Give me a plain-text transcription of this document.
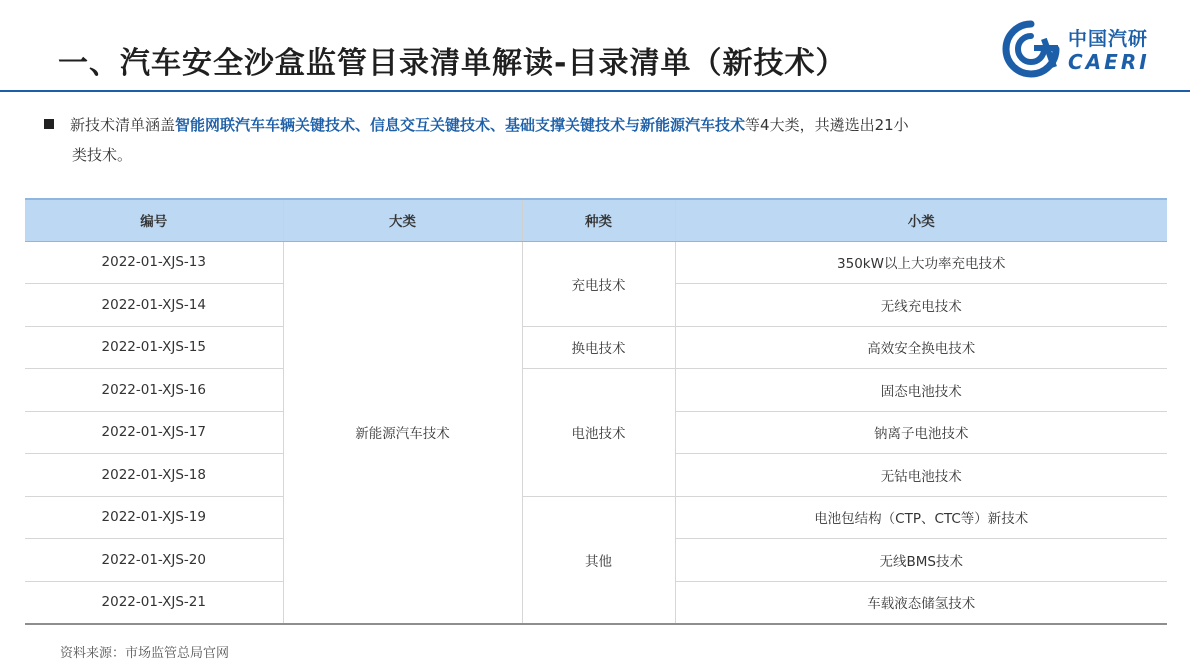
一、汽车安全沙盒监管目录清单解读-目录清单（新技术）
中国汽研
CAERI
新技术清单涵盖智能网联汽车车辆关键技术、信息交互关键技术、基础支撑关键技术与新能源汽车技术等4大类，共遴选出21小
类技术。
编号	大类	种类	小类
2022-01-XJS-13	新能源汽车技术	充电技术	350kW以上大功率充电技术
2022-01-XJS-14			无线充电技术
2022-01-XJS-15		换电技术	高效安全换电技术
2022-01-XJS-16		电池技术	固态电池技术
2022-01-XJS-17			钠离子电池技术
2022-01-XJS-18			无钴电池技术
2022-01-XJS-19		其他	电池包结构（CTP、CTC等）新技术
2022-01-XJS-20			无线BMS技术
2022-01-XJS-21			车载液态储氢技术
资料来源：市场监管总局官网
